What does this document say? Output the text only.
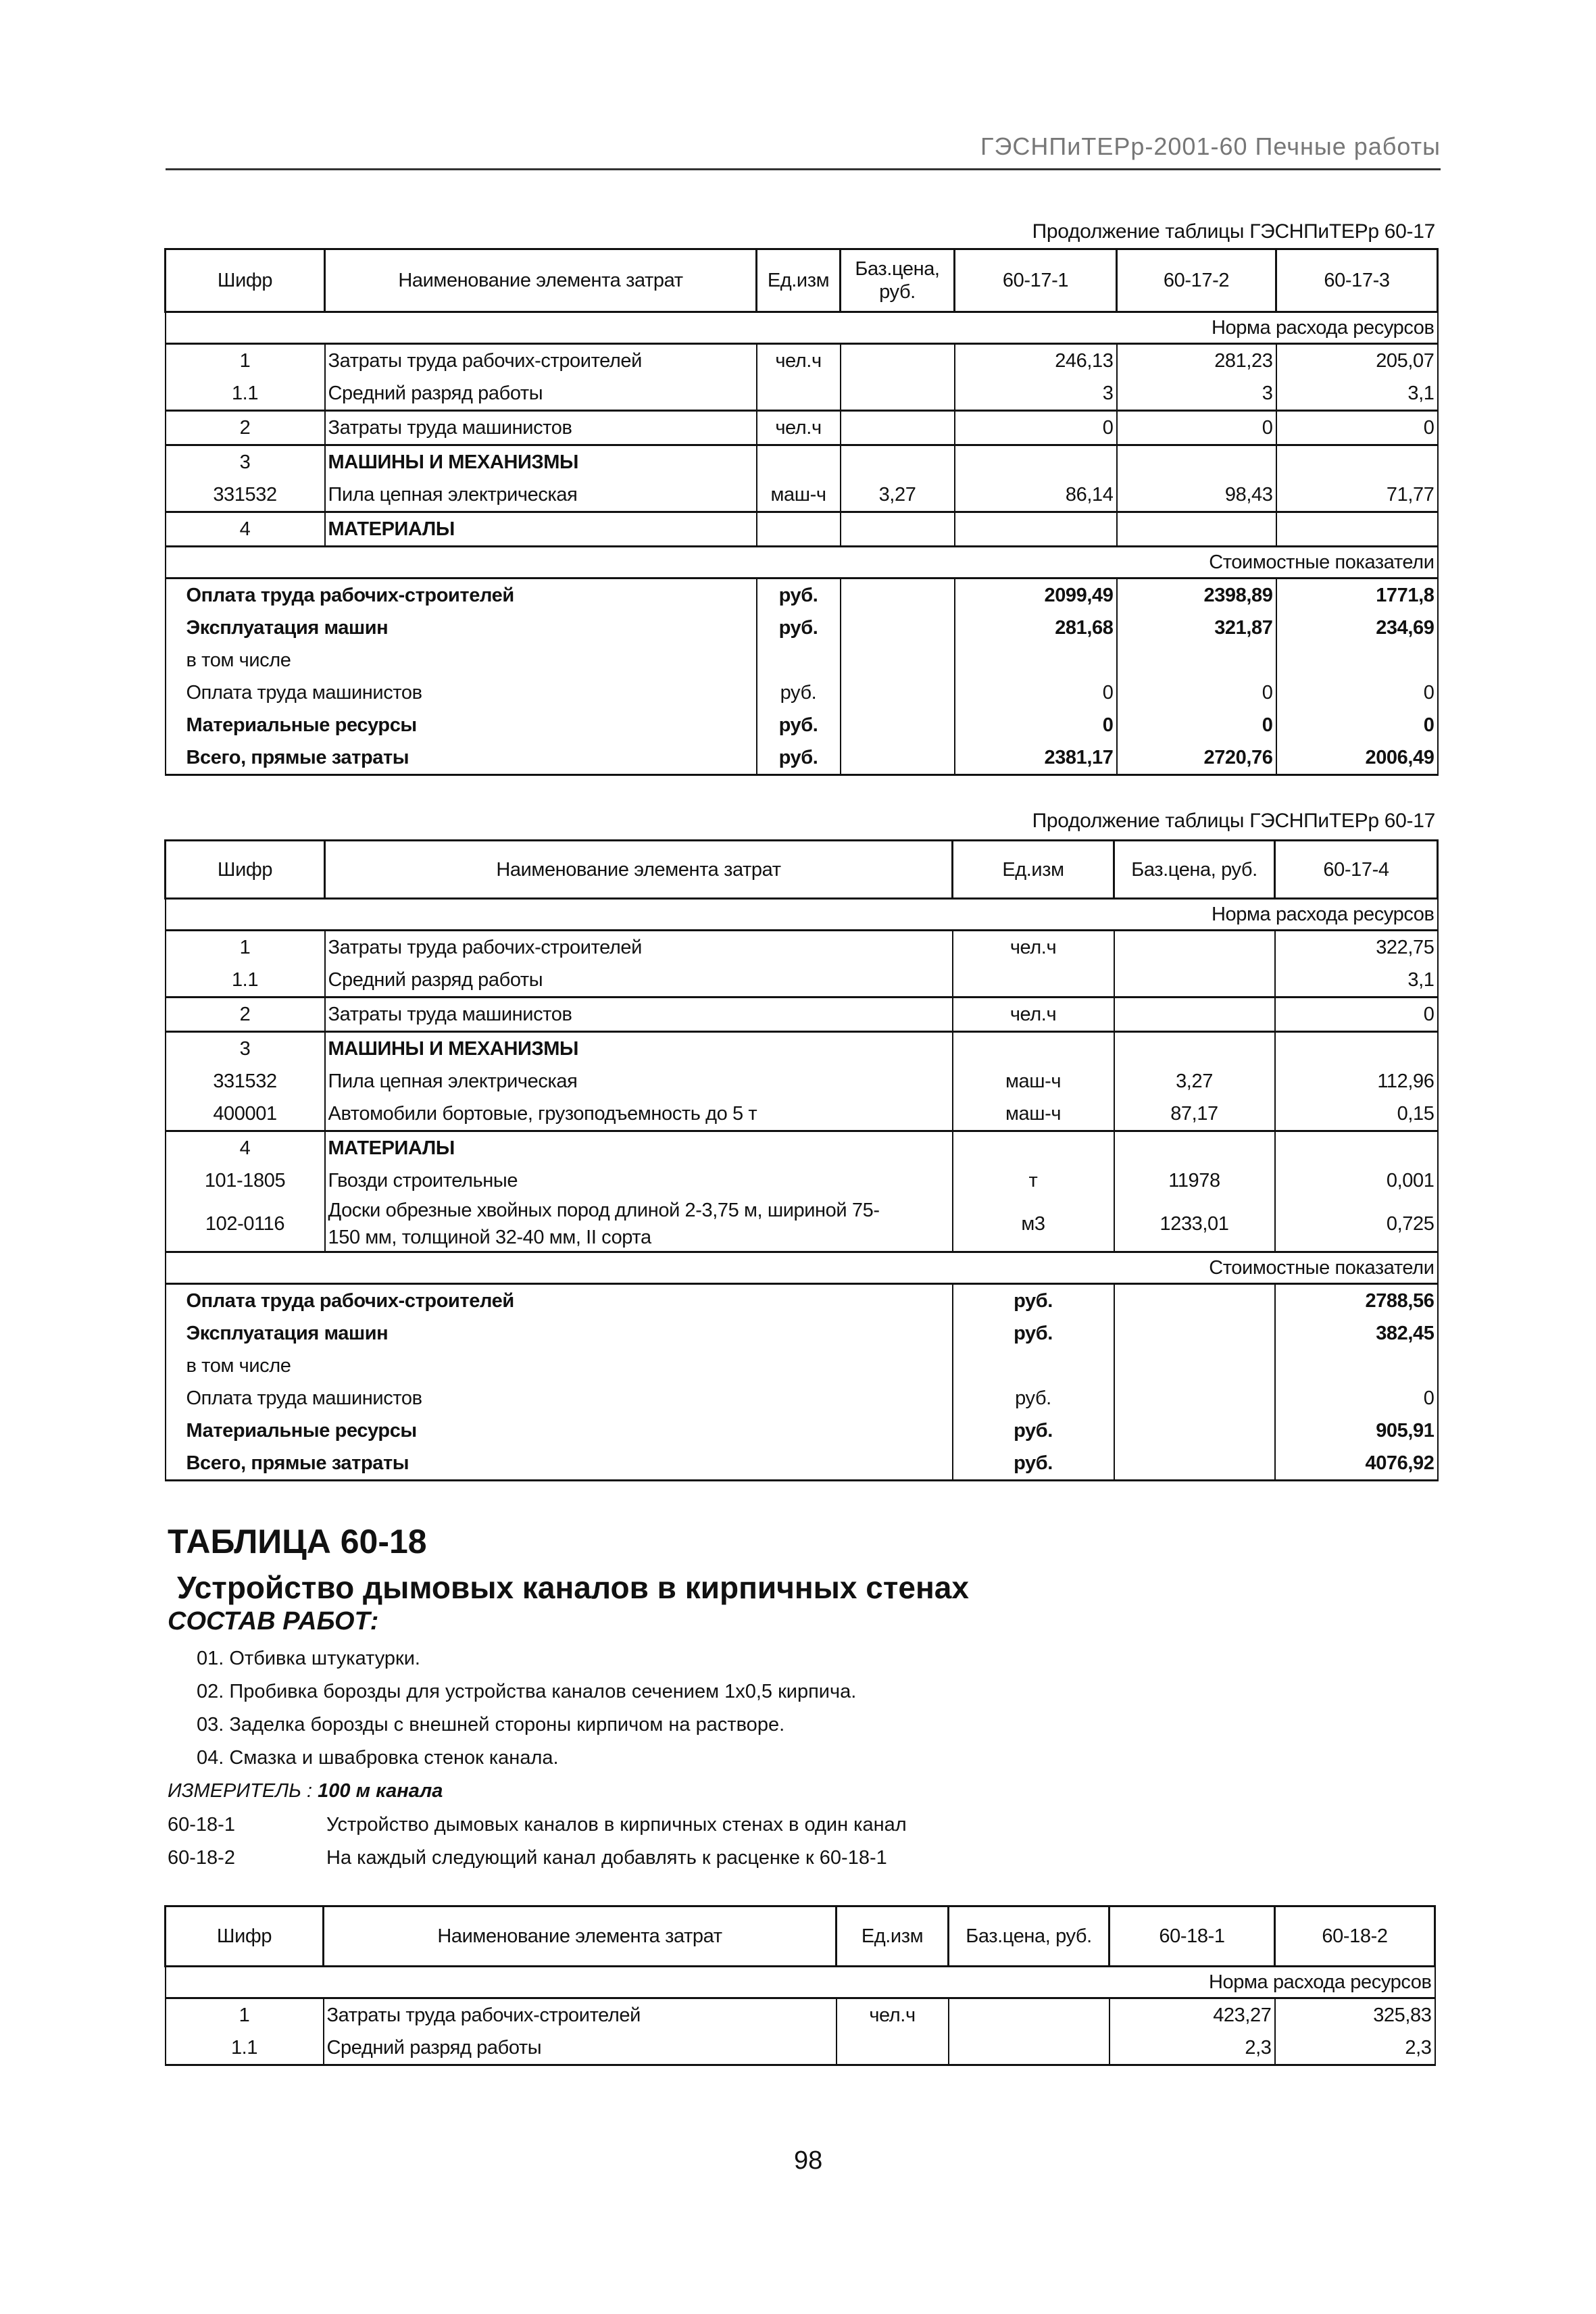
ГЭСНПиТЕРр-2001-60 Печные работы
Продолжение таблицы ГЭСНПиТЕРр 60-17
Шифр	Наименование элемента затрат	Ед.изм	Баз.цена, руб.	60-17-1	60-17-2	60-17-3
Норма расхода ресурсов						
1	Затраты труда рабочих-строителей	чел.ч		246,13	281,23	205,07
1.1	Средний разряд работы			3	3	3,1
2	Затраты труда машинистов	чел.ч		0	0	0
3	МАШИНЫ И МЕХАНИЗМЫ					
331532	Пила цепная электрическая	маш-ч	3,27	86,14	98,43	71,77
4	МАТЕРИАЛЫ					
Стоимостные показатели						
Оплата труда рабочих-строителей		руб.		2099,49	2398,89	1771,8
Эксплуатация машин		руб.		281,68	321,87	234,69
в том числе						
Оплата труда машинистов		руб.		0	0	0
Материальные ресурсы		руб.		0	0	0
Всего, прямые затраты		руб.		2381,17	2720,76	2006,49
Продолжение таблицы ГЭСНПиТЕРр 60-17
Шифр	Наименование элемента затрат	Ед.изм	Баз.цена, руб.	60-17-4
Норма расхода ресурсов				
1	Затраты труда рабочих-строителей	чел.ч		322,75
1.1	Средний разряд работы			3,1
2	Затраты труда машинистов	чел.ч		0
3	МАШИНЫ И МЕХАНИЗМЫ			
331532	Пила цепная электрическая	маш-ч	3,27	112,96
400001	Автомобили бортовые, грузоподъемность до 5 т	маш-ч	87,17	0,15
4	МАТЕРИАЛЫ			
101-1805	Гвозди строительные	т	11978	0,001
102-0116	Доски обрезные хвойных пород длиной 2-3,75 м, шириной 75-
150 мм, толщиной 32-40 мм, II сорта	м3	1233,01	0,725
Стоимостные показатели				
Оплата труда рабочих-строителей		руб.		2788,56
Эксплуатация машин		руб.		382,45
в том числе				
Оплата труда машинистов		руб.		0
Материальные ресурсы		руб.		905,91
Всего, прямые затраты		руб.		4076,92
ТАБЛИЦА 60-18
Устройство дымовых каналов в кирпичных стенах
СОСТАВ РАБОТ:
01. Отбивка штукатурки.
02. Пробивка борозды для устройства каналов сечением 1х0,5 кирпича.
03. Заделка борозды с внешней стороны кирпичом на растворе.
04. Смазка и швабровка стенок канала.
ИЗМЕРИТЕЛЬ : 100 м канала
60-18-1	Устройство дымовых каналов в кирпичных стенах в один канал
60-18-2	На каждый следующий канал добавлять к расценке к 60-18-1
Шифр	Наименование элемента затрат	Ед.изм	Баз.цена, руб.	60-18-1	60-18-2
Норма расхода ресурсов					
1	Затраты труда рабочих-строителей	чел.ч		423,27	325,83
1.1	Средний разряд работы			2,3	2,3
98
